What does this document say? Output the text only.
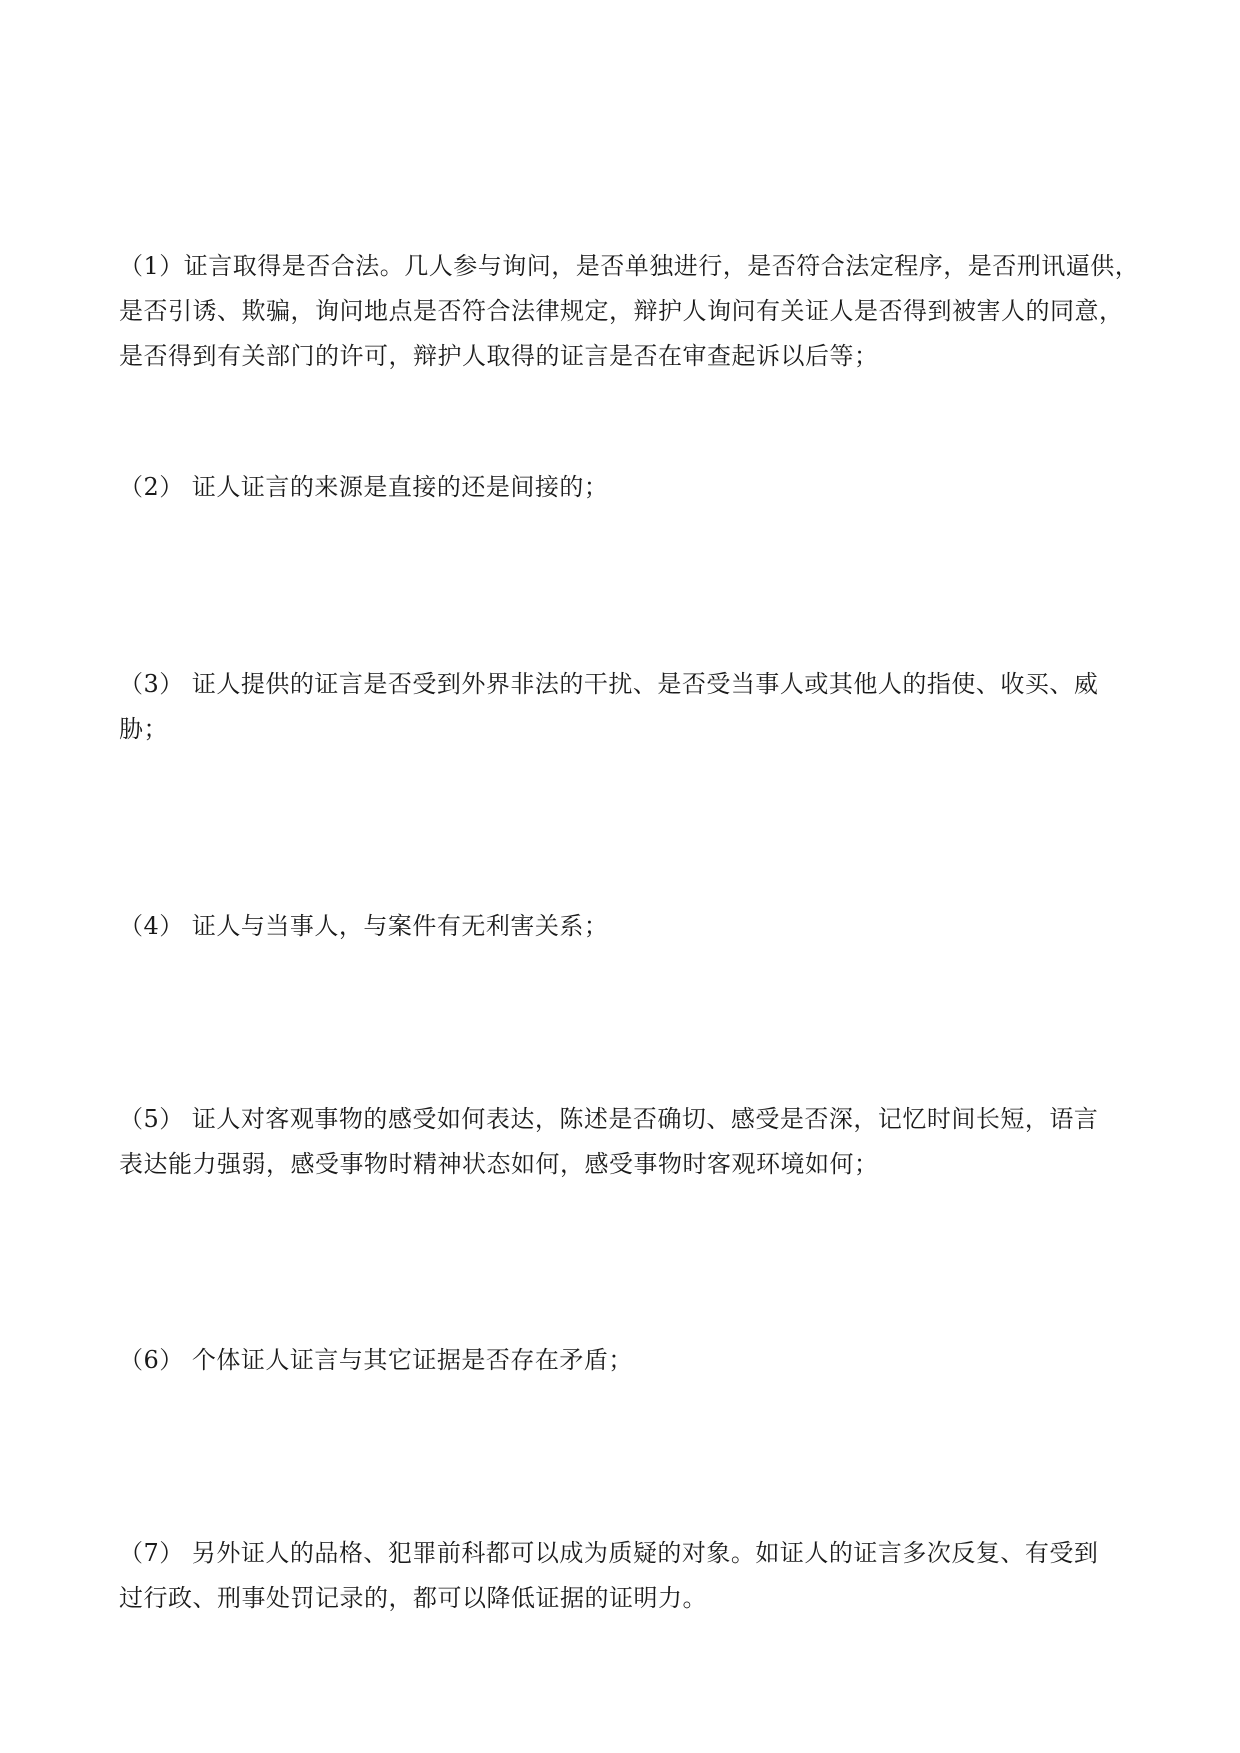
（1）证言取得是否合法。几人参与询问，是否单独进行，是否符合法定程序，是否刑讯逼供，
是否引诱、欺骗，询问地点是否符合法律规定，辩护人询问有关证人是否得到被害人的同意，
是否得到有关部门的许可，辩护人取得的证言是否在审查起诉以后等；

（2） 证人证言的来源是直接的还是间接的；

（3） 证人提供的证言是否受到外界非法的干扰、是否受当事人或其他人的指使、收买、威
胁；

（4） 证人与当事人，与案件有无利害关系；

（5） 证人对客观事物的感受如何表达，陈述是否确切、感受是否深，记忆时间长短，语言
表达能力强弱，感受事物时精神状态如何，感受事物时客观环境如何；

（6） 个体证人证言与其它证据是否存在矛盾；

（7） 另外证人的品格、犯罪前科都可以成为质疑的对象。如证人的证言多次反复、有受到
过行政、刑事处罚记录的，都可以降低证据的证明力。
